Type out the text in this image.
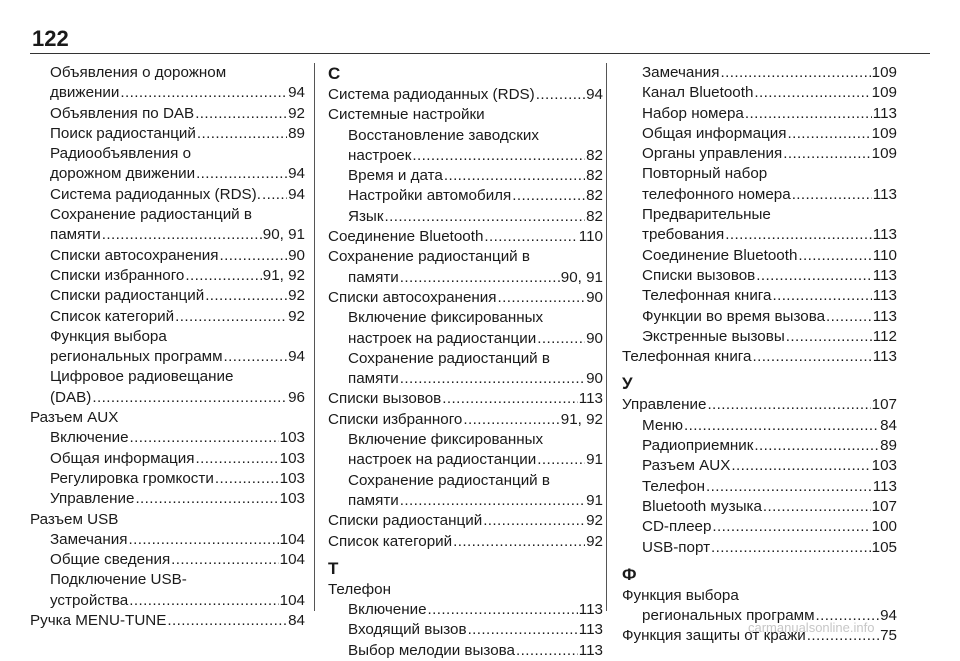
122
Объявления о дорожном
движении .....	94
Объявления по DAB .....	92
Поиск радиостанций .....	89
Радиообъявления о
дорожном движении .....	94
Система радиоданных (RDS). ..... 94
Сохранение радиостанций в
памяти .....	90, 91
Списки автосохранения .....	90
Списки избранного .....	91, 92
Списки радиостанций .....	92
Список категорий .....	92
Функция выбора
региональных программ .....	94
Цифровое радиовещание
(DAB) .....	96
Разъем AUX
Включение .....	103
Общая информация .....	103
Регулировка громкости .....	103
Управление .....	103
Разъем USB
Замечания .....	104
Общие сведения .....	104
Подключение USB-
устройства .....	104
Ручка MENU-TUNE .....	84
С
Система радиоданных (RDS) .....	94
Системные настройки
Восстановление заводских
настроек .....	82
Время и дата .....	82
Настройки автомобиля .....	82
Язык .....	82
Соединение Bluetooth .....	110
Сохранение радиостанций в
памяти .....	90, 91
Списки автосохранения .....	90
Включение фиксированных
настроек на радиостанции .....	90
Сохранение радиостанций в
памяти .....	90
Списки вызовов .....	113
Списки избранного .....	91, 92
Включение фиксированных
настроек на радиостанции .....	91
Сохранение радиостанций в
памяти .....	91
Списки радиостанций .....	92
Список категорий .....	92
Т
Телефон
Включение .....	113
Входящий вызов .....	113
Выбор мелодии вызова .....	113
Замечания .....	109
Канал Bluetooth .....	109
Набор номера .....	113
Общая информация .....	109
Органы управления .....	109
Повторный набор
телефонного номера .....	113
Предварительные
требования .....	113
Соединение Bluetooth .....	110
Списки вызовов .....	113
Телефонная книга .....	113
Функции во время вызова .....	113
Экстренные вызовы .....	112
Телефонная книга .....	113
У
Управление .....	107
Меню .....	84
Радиоприемник .....	89
Разъем AUX .....	103
Телефон .....	113
Bluetooth музыка .....	107
CD-плеер .....	100
USB-порт .....	105
Ф
Функция выбора
региональных программ .....	94
Функция защиты от кражи .....	75
carmanualsonline.info
